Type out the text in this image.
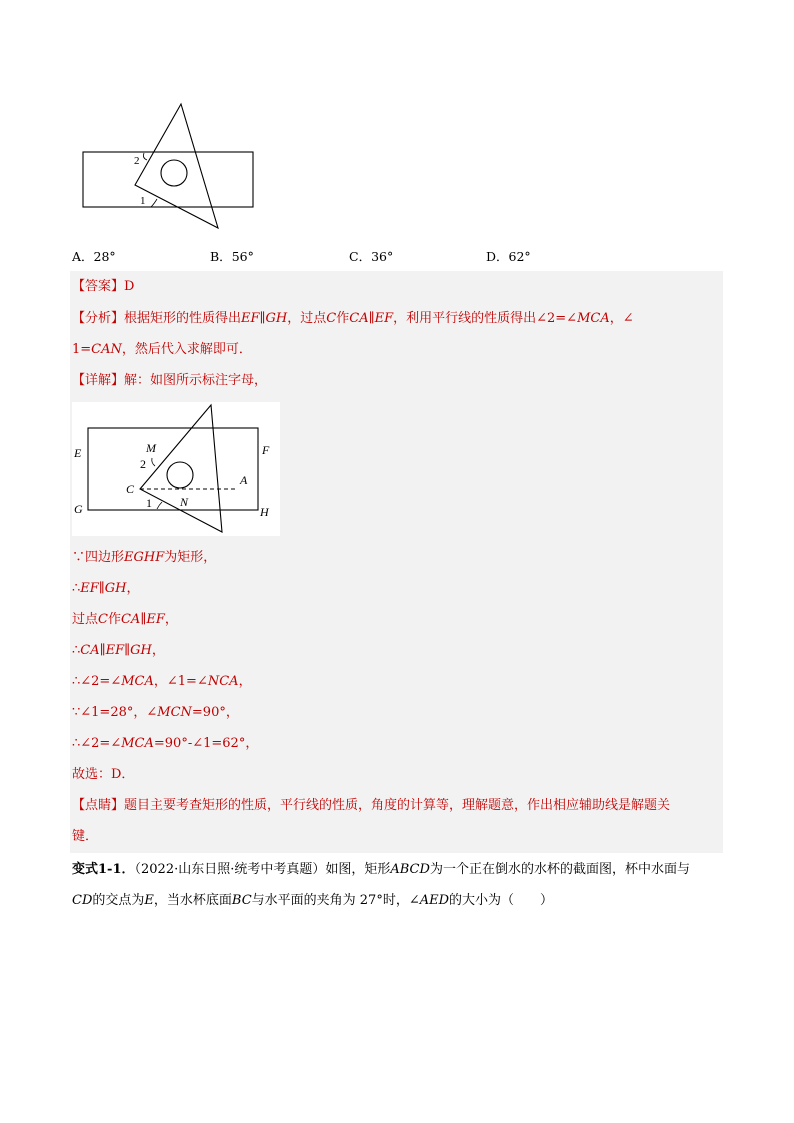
2
1
A．28°	B．56°	C．36°	D．62°
【答案】D
【分析】根据矩形的性质得出EF∥GH，过点C作CA∥EF，利用平行线的性质得出∠2=∠MCA，∠
1=CAN，然后代入求解即可．
【详解】解：如图所示标注字母，
E	F
G	H
M
C
A
N
2
1
∵四边形EGHF为矩形，
∴EF∥GH，
过点C作CA∥EF，
∴CA∥EF∥GH，
∴∠2=∠MCA，∠1=∠NCA，
∵∠1=28°，∠MCN=90°，
∴∠2=∠MCA=90°-∠1=62°，
故选：D．
【点睛】题目主要考查矩形的性质，平行线的性质，角度的计算等，理解题意，作出相应辅助线是解题关
键．
变式1-1．（2022·山东日照·统考中考真题）如图，矩形ABCD为一个正在倒水的水杯的截面图，杯中水面与
CD的交点为E，当水杯底面BC与水平面的夹角为 27°时，∠AED的大小为（　　）
